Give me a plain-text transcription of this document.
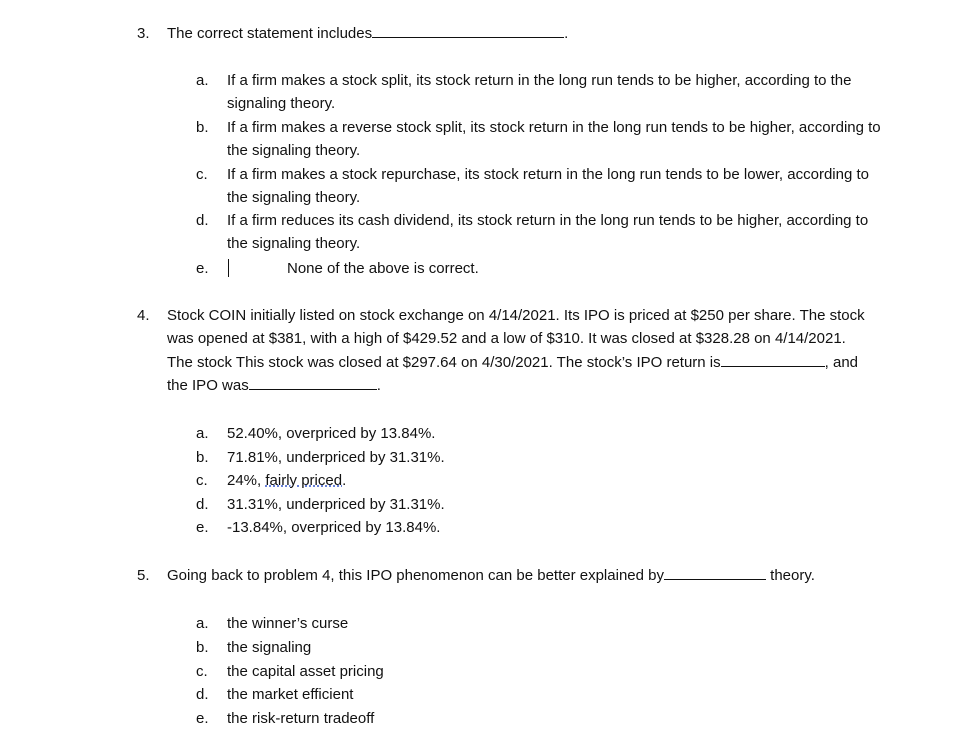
3. The correct statement includes	.
a. If a firm makes a stock split, its stock return in the long run tends to be higher, according to the signaling theory.
b. If a firm makes a reverse stock split, its stock return in the long run tends to be higher, according to the signaling theory.
c. If a firm makes a stock repurchase, its stock return in the long run tends to be lower, according to the signaling theory.
d. If a firm reduces its cash dividend, its stock return in the long run tends to be higher, according to the signaling theory.
e.	None of the above is correct.
4. Stock COIN initially listed on stock exchange on 4/14/2021. Its IPO is priced at $250 per share. The stock was opened at $381, with a high of $429.52 and a low of $310. It was closed at $328.28 on 4/14/2021. The stock This stock was closed at $297.64 on 4/30/2021. The stock’s IPO return is	, and the IPO was	.
a. 52.40%, overpriced by 13.84%.
b. 71.81%, underpriced by 31.31%.
c. 24%, fairly priced.
d. 31.31%, underpriced by 31.31%.
e. -13.84%, overpriced by 13.84%.
5. Going back to problem 4, this IPO phenomenon can be better explained by	theory.
a. the winner’s curse
b. the signaling
c. the capital asset pricing
d. the market efficient
e. the risk-return tradeoff
